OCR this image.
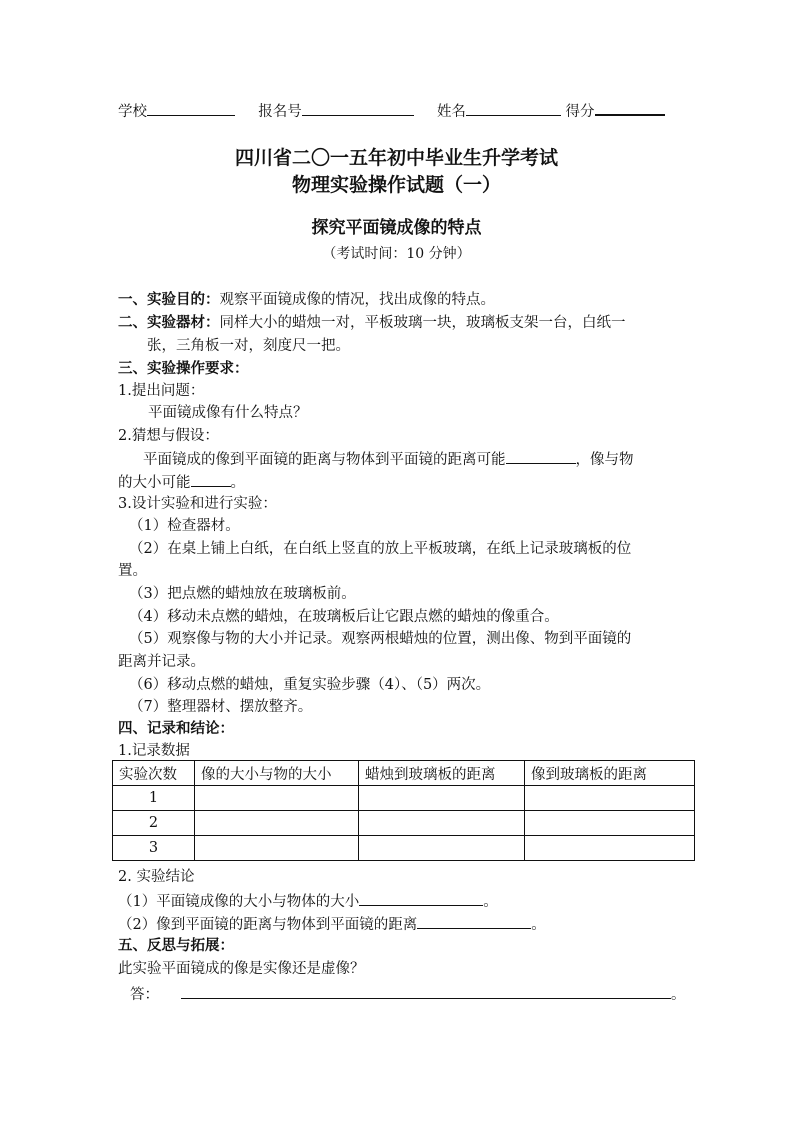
学校	报名号	姓名	得分
四川省二〇一五年初中毕业生升学考试
物理实验操作试题（一）
探究平面镜成像的特点
（考试时间：10 分钟）
一、实验目的：观察平面镜成像的情况，找出成像的特点。
二、实验器材：同样大小的蜡烛一对，平板玻璃一块，玻璃板支架一台，白纸一
张，三角板一对，刻度尺一把。
三、实验操作要求：
1.提出问题：
平面镜成像有什么特点？
2.猜想与假设：
平面镜成的像到平面镜的距离与物体到平面镜的距离可能	，像与物
的大小可能	。
3.设计实验和进行实验：
（1）检查器材。
（2）在桌上铺上白纸，在白纸上竖直的放上平板玻璃，在纸上记录玻璃板的位
置。
（3）把点燃的蜡烛放在玻璃板前。
（4）移动未点燃的蜡烛，在玻璃板后让它跟点燃的蜡烛的像重合。
（5）观察像与物的大小并记录。观察两根蜡烛的位置，测出像、物到平面镜的
距离并记录。
（6）移动点燃的蜡烛，重复实验步骤（4）、（5）两次。
（7）整理器材、摆放整齐。
四、记录和结论：
1.记录数据
实验次数	像的大小与物的大小	蜡烛到玻璃板的距离	像到玻璃板的距离
1			
2			
3			
2. 实验结论
（1）平面镜成像的大小与物体的大小	。
（2）像到平面镜的距离与物体到平面镜的距离	。
五、反思与拓展：
此实验平面镜成的像是实像还是虚像？
答：	。
